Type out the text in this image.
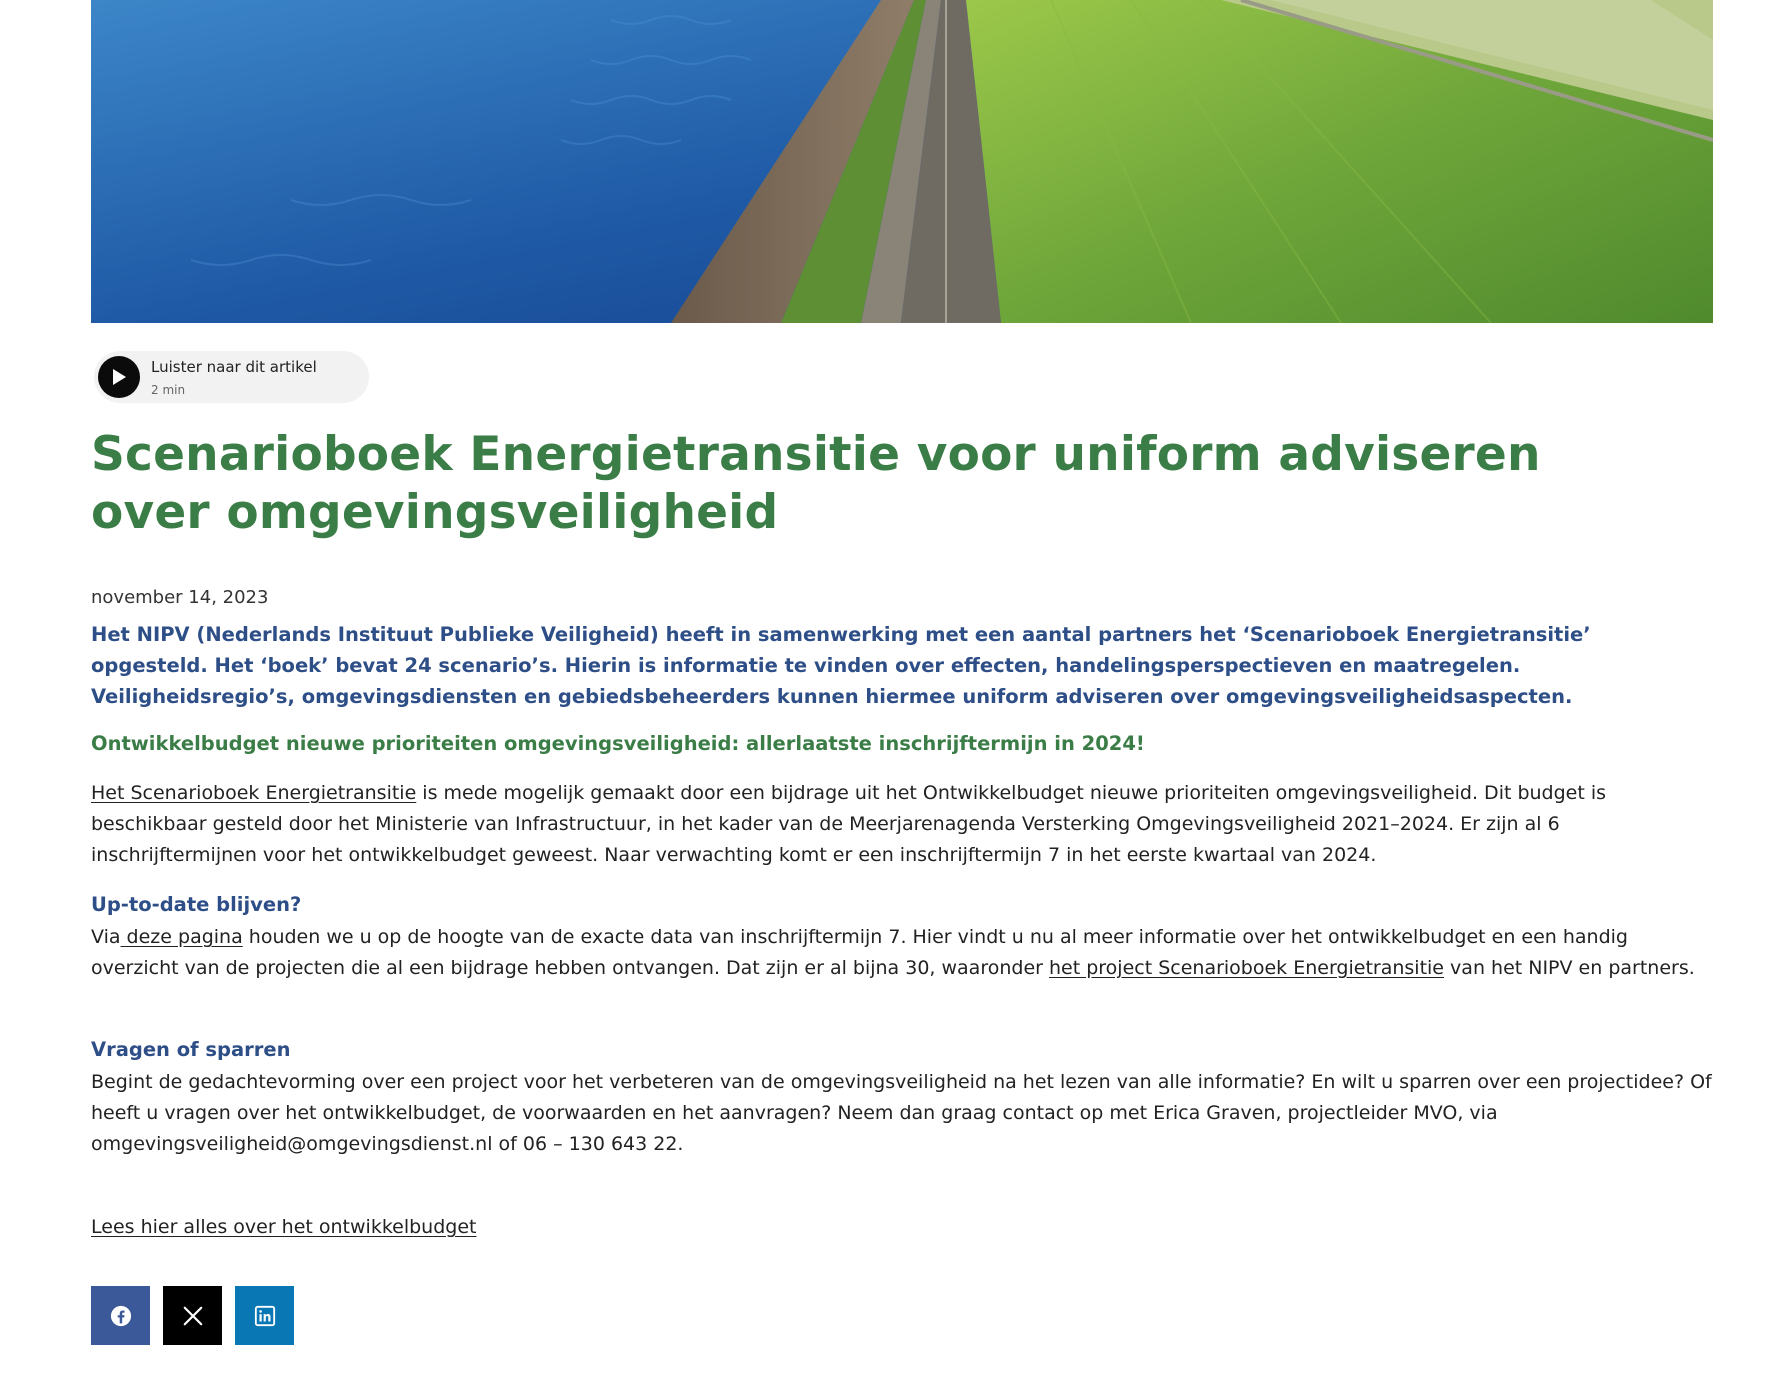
Luister naar dit artikel
2 min
Scenarioboek Energietransitie voor uniform adviseren over omgevingsveiligheid
november 14, 2023

Het NIPV (Nederlands Instituut Publieke Veiligheid) heeft in samenwerking met een aantal partners het ‘Scenarioboek Energietransitie’ opgesteld. Het ‘boek’ bevat 24 scenario’s. Hierin is informatie te vinden over effecten, handelingsperspectieven en maatregelen. Veiligheidsregio’s, omgevingsdiensten en gebiedsbeheerders kunnen hiermee uniform adviseren over omgevingsveiligheidsaspecten.

Ontwikkelbudget nieuwe prioriteiten omgevingsveiligheid: allerlaatste inschrijftermijn in 2024!

Het Scenarioboek Energietransitie is mede mogelijk gemaakt door een bijdrage uit het Ontwikkelbudget nieuwe prioriteiten omgevingsveiligheid. Dit budget is beschikbaar gesteld door het Ministerie van Infrastructuur, in het kader van de Meerjarenagenda Versterking Omgevingsveiligheid 2021–2024. Er zijn al 6 inschrijftermijnen voor het ontwikkelbudget geweest. Naar verwachting komt er een inschrijftermijn 7 in het eerste kwartaal van 2024.

Up-to-date blijven?

Via deze pagina houden we u op de hoogte van de exacte data van inschrijftermijn 7. Hier vindt u nu al meer informatie over het ontwikkelbudget en een handig overzicht van de projecten die al een bijdrage hebben ontvangen. Dat zijn er al bijna 30, waaronder het project Scenarioboek Energietransitie van het NIPV en partners.

Vragen of sparren

Begint de gedachtevorming over een project voor het verbeteren van de omgevingsveiligheid na het lezen van alle informatie? En wilt u sparren over een projectidee? Of heeft u vragen over het ontwikkelbudget, de voorwaarden en het aanvragen? Neem dan graag contact op met Erica Graven, projectleider MVO, via omgevingsveiligheid@omgevingsdienst.nl of 06 – 130 643 22.

Lees hier alles over het ontwikkelbudget
